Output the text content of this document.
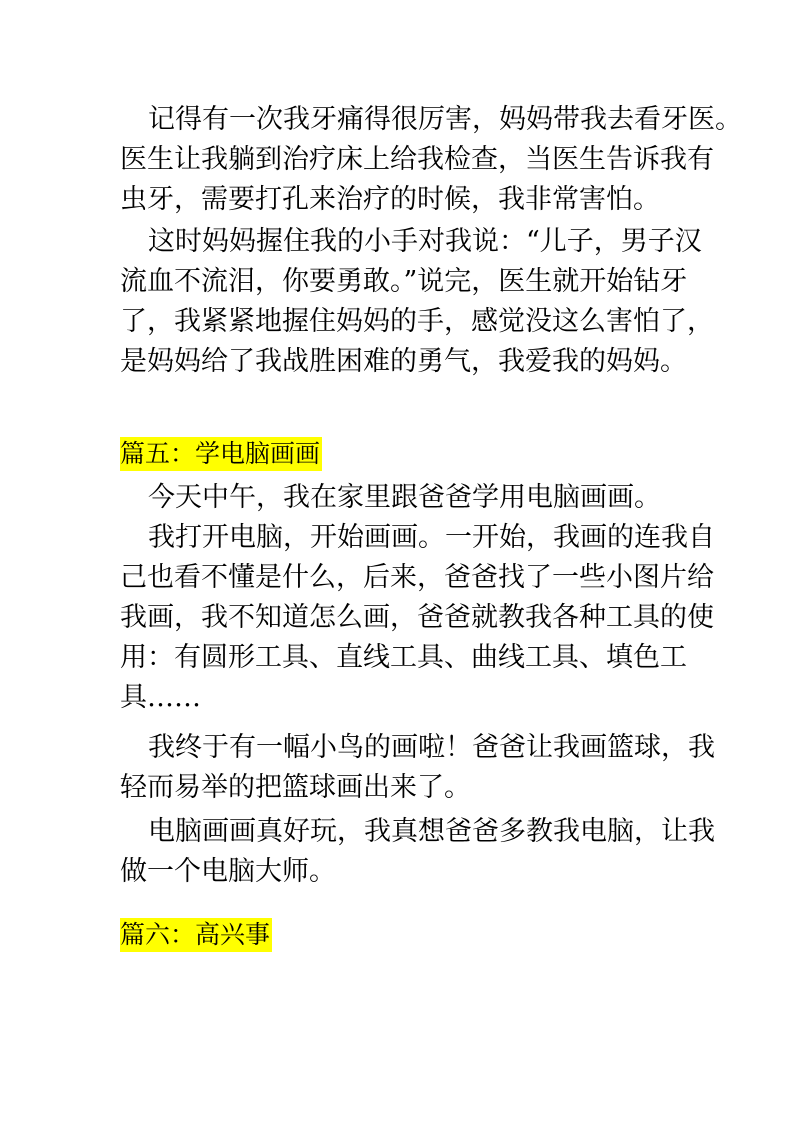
记得有一次我牙痛得很厉害，妈妈带我去看牙医。
医生让我躺到治疗床上给我检查，当医生告诉我有
虫牙，需要打孔来治疗的时候，我非常害怕。
这时妈妈握住我的小手对我说：“儿子，男子汉
流血不流泪，你要勇敢。”说完，医生就开始钻牙
了，我紧紧地握住妈妈的手，感觉没这么害怕了，
是妈妈给了我战胜困难的勇气，我爱我的妈妈。
篇五：学电脑画画
今天中午，我在家里跟爸爸学用电脑画画。
我打开电脑，开始画画。一开始，我画的连我自
己也看不懂是什么，后来，爸爸找了一些小图片给
我画，我不知道怎么画，爸爸就教我各种工具的使
用：有圆形工具、直线工具、曲线工具、填色工
具……
我终于有一幅小鸟的画啦！爸爸让我画篮球，我
轻而易举的把篮球画出来了。
电脑画画真好玩，我真想爸爸多教我电脑，让我
做一个电脑大师。
篇六：高兴事
